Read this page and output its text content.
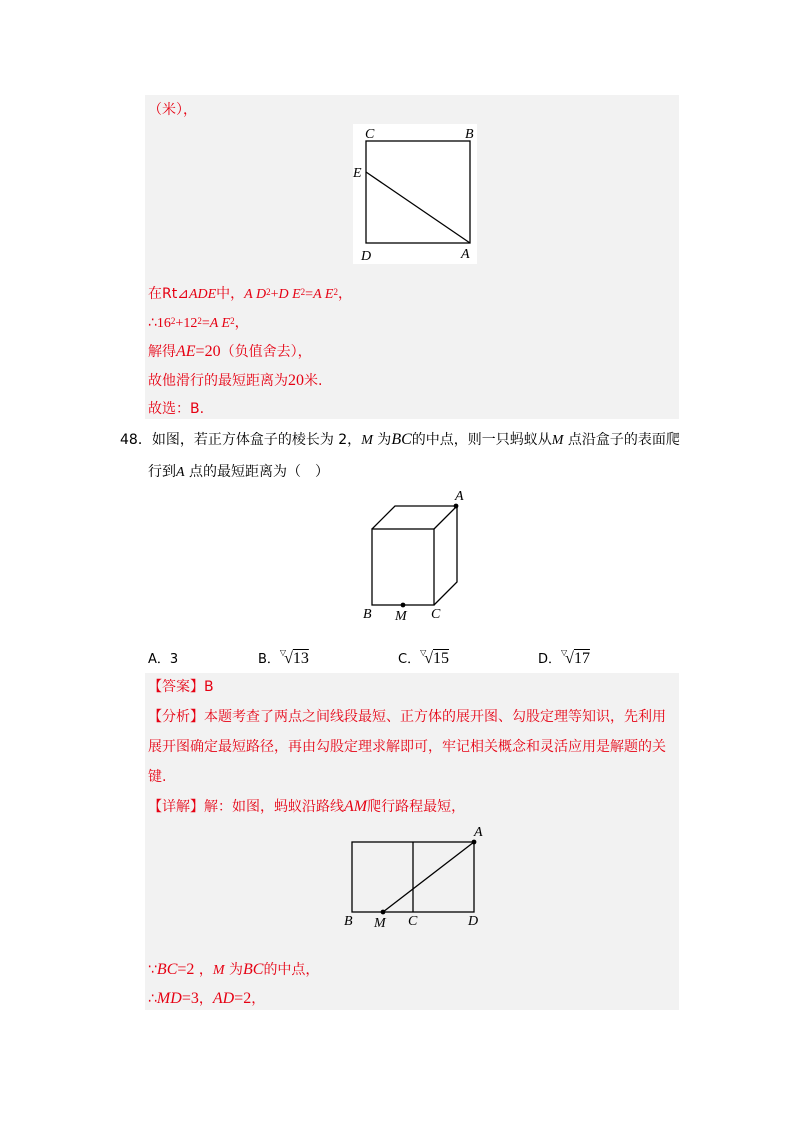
（米），
C	B
E
D	A
在Rt⊿ADE中，A $D^2+D$ $E^2=A$ $E^2$，
$\therefore 16^2+12^2=A$ $E^2$，
解得AE=20（负值舍去），
故他滑行的最短距离为20米.
故选：B.
48．如图，若正方体盒子的棱长为 2，M 为BC的中点，则一只蚂蚁从M 点沿盒子的表面爬
行到A 点的最短距离为（　）
A
B M C
A．3	B．▽√13	C．▽√15	D．▽√17
【答案】B
【分析】本题考查了两点之间线段最短、正方体的展开图、勾股定理等知识，先利用
展开图确定最短路径，再由勾股定理求解即可，牢记相关概念和灵活应用是解题的关
键.
【详解】解：如图，蚂蚁沿路线AM爬行路程最短，
A
B M C	D
∵BC=2 ，M 为BC的中点，
∴MD=3，AD=2，
